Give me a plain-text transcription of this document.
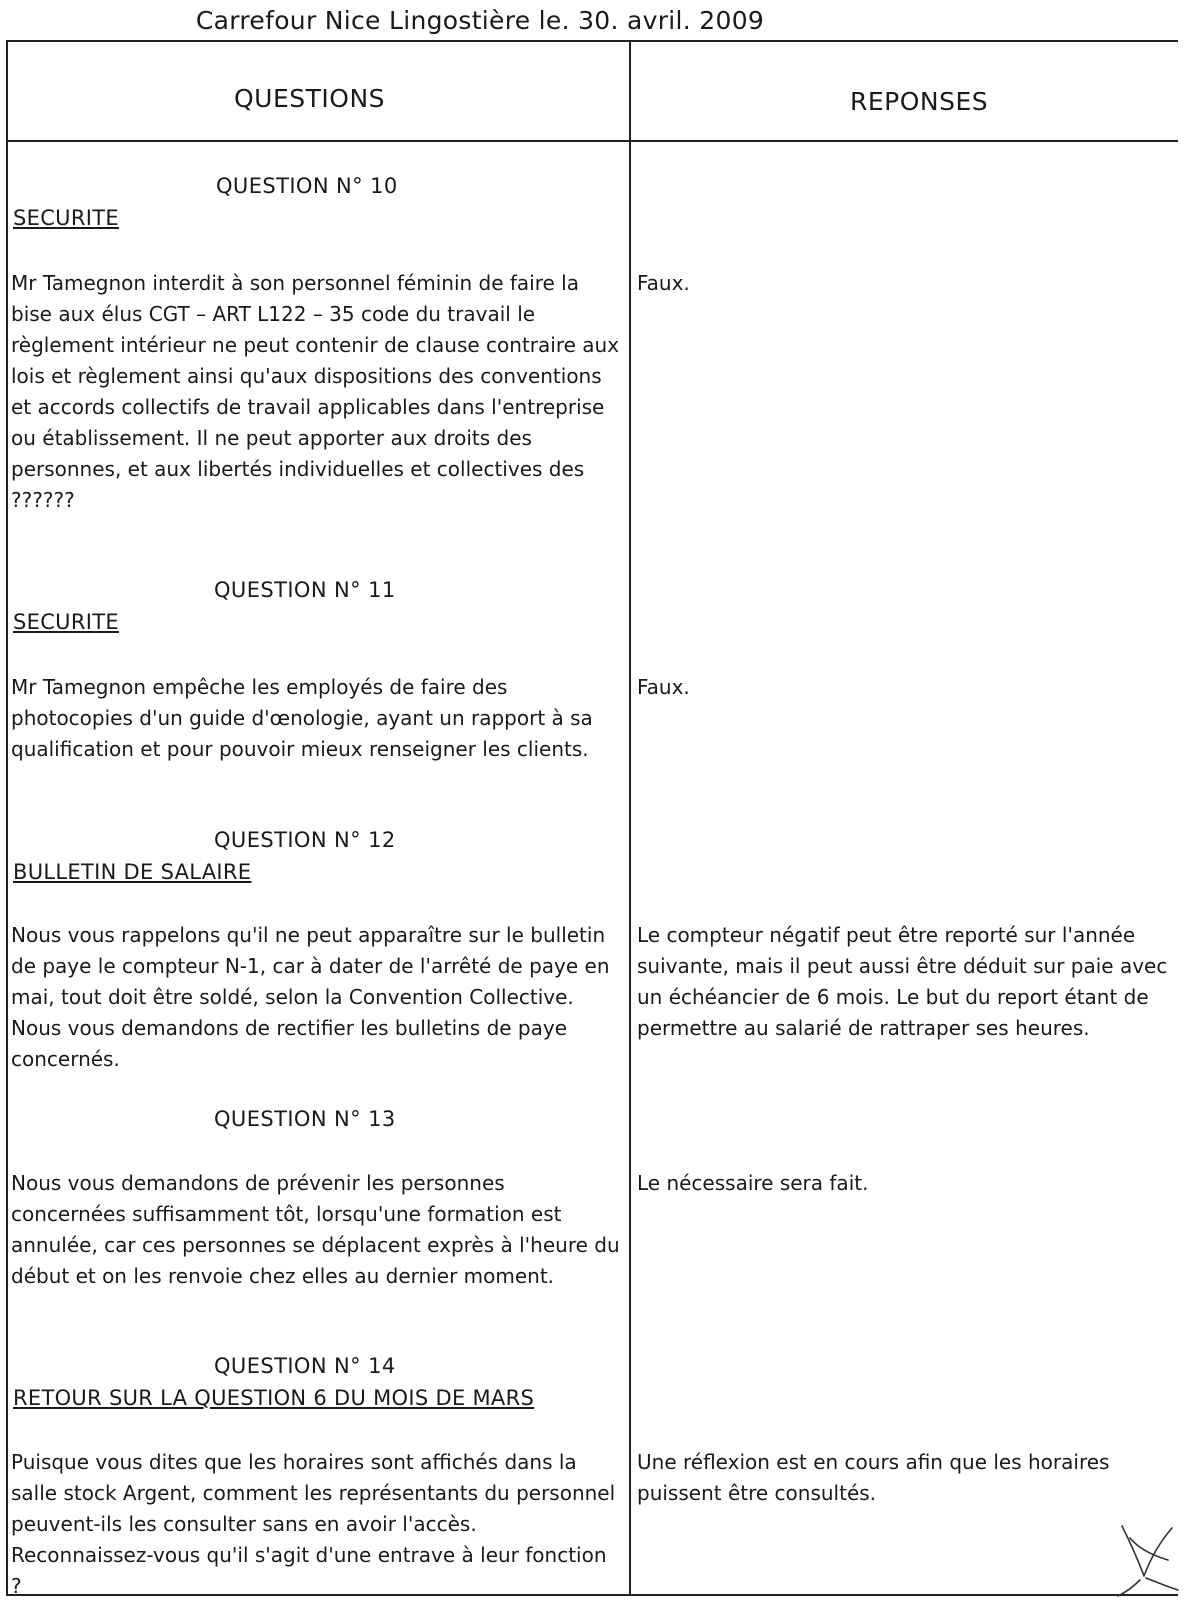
Carrefour Nice Lingostière le. 30. avril. 2009
QUESTIONS	REPONSES
QUESTION N° 10
SECURITE

Mr Tamegnon interdit à son personnel féminin de faire la bise aux élus CGT – ART L122 – 35 code du travail le règlement intérieur ne peut contenir de clause contraire aux lois et règlement ainsi qu'aux dispositions des conventions et accords collectifs de travail applicables dans l'entreprise ou établissement. Il ne peut apporter aux droits des personnes, et aux libertés individuelles et collectives des ??????

Faux.

QUESTION N° 11
SECURITE

Mr Tamegnon empêche les employés de faire des photocopies d'un guide d'œnologie, ayant un rapport à sa qualification et pour pouvoir mieux renseigner les clients.

Faux.

QUESTION N° 12
BULLETIN DE SALAIRE

Nous vous rappelons qu'il ne peut apparaître sur le bulletin de paye le compteur N-1, car à dater de l'arrêté de paye en mai, tout doit être soldé, selon la Convention Collective. Nous vous demandons de rectifier les bulletins de paye concernés.

Le compteur négatif peut être reporté sur l'année suivante, mais il peut aussi être déduit sur paie avec un échéancier de 6 mois. Le but du report étant de permettre au salarié de rattraper ses heures.

QUESTION N° 13

Nous vous demandons de prévenir les personnes concernées suffisamment tôt, lorsqu'une formation est annulée, car ces personnes se déplacent exprès à l'heure du début et on les renvoie chez elles au dernier moment.

Le nécessaire sera fait.

QUESTION N° 14
RETOUR SUR LA QUESTION 6 DU MOIS DE MARS

Puisque vous dites que les horaires sont affichés dans la salle stock Argent, comment les représentants du personnel peuvent-ils les consulter sans en avoir l'accès. Reconnaissez-vous qu'il s'agit d'une entrave à leur fonction ?

Une réflexion est en cours afin que les horaires puissent être consultés.
